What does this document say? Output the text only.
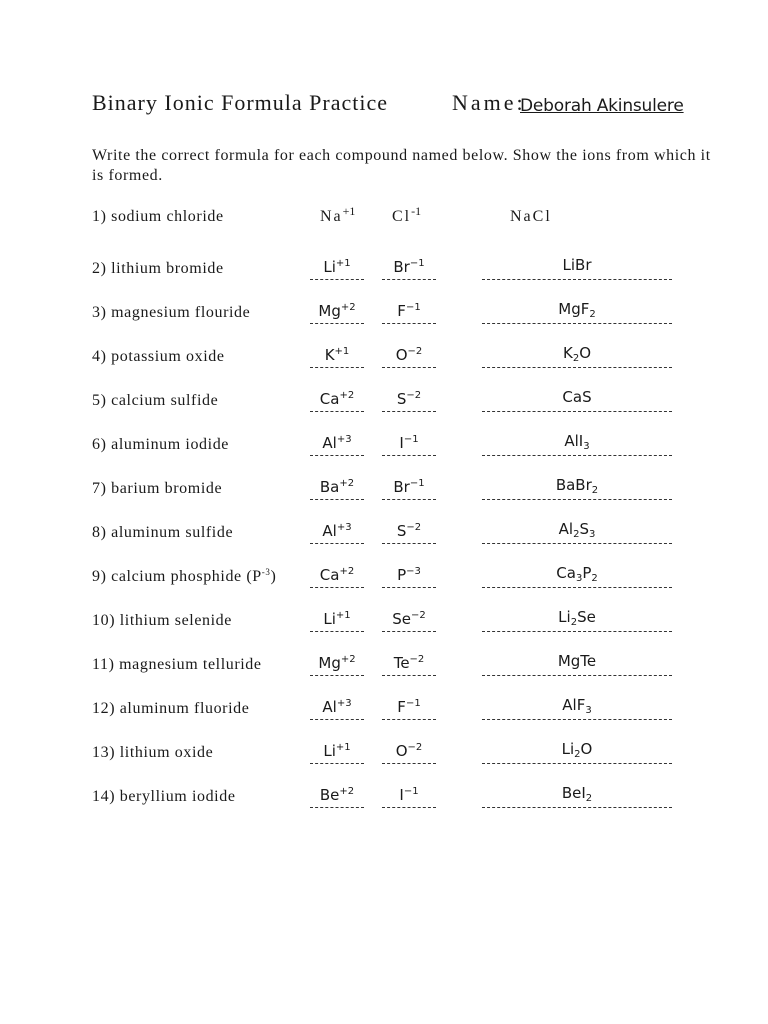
Binary Ionic Formula Practice	Name:
Deborah Akinsulere
Write the correct formula for each compound named below. Show the ions from which it is formed.
1) sodium chloride	$Na^{+1}$ $Cl^{-1}$	NaCl
2) lithium bromide	$Li^{+1}$	$Br^{-1}$	LiBr
3) magnesium flouride	$Mg^{+2}$	$F^{-1}$	MgF$_2$
4) potassium oxide	$K^{+1}$	$O^{-2}$	$K_2O$
5) calcium sulfide	$Ca^{+2}$	$S^{-2}$	CaS
6) aluminum iodide	$Al^{+3}$	$I^{-1}$	AlI$_3$
7) barium bromide	$Ba^{+2}$	$Br^{-1}$	BaBr$_2$
8) aluminum sulfide	$Al^{+3}$	$S^{-2}$	$Al_2S_3$
9) calcium phosphide $(P^{-3})$	$Ca^{+2}$	$P^{-3}$	$Ca_3P_2$
10) lithium selenide	$Li^{+1}$	$Se^{-2}$	$Li_2Se$
11) magnesium telluride	$Mg^{+2}$	$Te^{-2}$	MgTe
12) aluminum fluoride	$Al^{+3}$	$F^{-1}$	AlF$_3$
13) lithium oxide	$Li^{+1}$	$O^{-2}$	$Li_2O$
14) beryllium iodide	$Be^{+2}$	$I^{-1}$	BeI$_2$
